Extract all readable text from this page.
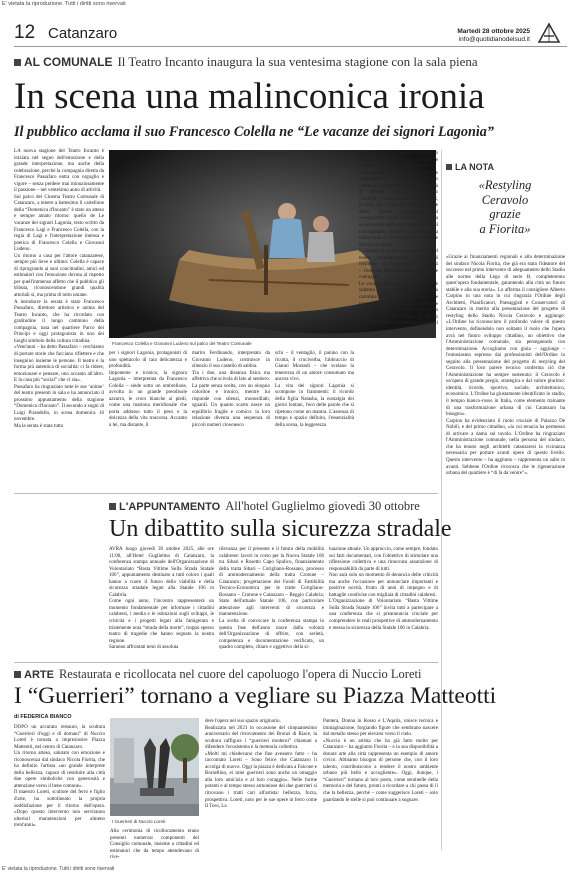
E' vietata la riproduzione. Tutti i diritti sono riservati
12 Catanzaro	Martedì 28 ottobre 2025
info@quotidianodelsud.it
AL COMUNALE Il Teatro Incanto inaugura la sua ventesima stagione con la sala piena
In scena una malinconica ironia
Il pubblico acclama il suo Francesco Colella ne “Le vacanze dei signori Lagonìa”
LA nuova stagione del Teatro Incanto è iniziata nel segno dell'emozione e della grande interpretazione, ma anche della celebrazione, perché la compagnia diretta da Francesco Passafaro entra con orgoglio e vigore – senza perdere mai minuziosamente il passione – nel ventesimo anno di attività.
Sul palco del Cinema Teatro Comunale di Catanzaro, a tenere a battesimo il cartellone della “Domenica d'Incanto” è stato un atteso e sempre amato ritorno: quello de Le vacanze dei signori Lagonìa, testo scritto da Francesco Lagi e Francesco Colella, con la regia di Lagi e l'interpretazione intensa e poetica di Francesco Colella e Giovanni Ludeno.
Un ritorno a casa per l'attore catanzarese, sempre più lieve e ultimo: Colella è capace di riprogrando ai suoi concittadini, amici ed estimatori con l'emozione dovuta al rispetto per quell'immenso affetto che il pubblico gli tributa, riconoscendone grandi qualità attoriali sì, ma prima di tutto umane.
A introdurre la serata è stato Francesco Passafaro, direttore artistico e anima del Teatro Incanto, che ha ricordato con gratitudine il lungo cammino della compagnia, nata nel quartiere Parco dei Principi e oggi protagonista in uno dei luoghi simbolo della cultura cittadina.
«Vent'anni – ha detto Passafaro – cerchiamo di portare storie che facciano riflettere e che insegnino insieme le persone. Il teatro è la forma più autentica di socialità: ci fa ridere, emozionare e pensare, uno accanto all'altro. E la casa più “social” che ci sia».
Passafaro ha ringraziato tutte le sue ‘anime’ del teatro presenti in sala e ha annunciato il prossimo appuntamento della stagione “Domenica d'Incanto”. Il secondo a sogni di Luigi Pirandello, in scena domenica 16 novembre.
Ma la serata è stata tutta
Francesco Colella e Giovanni Ludeno sul palco del Teatro Comunale
per i signori Lagonìa, protagonisti di uno spettacolo di rara delicatezza e profondità.
Imponente e ironico, la signora Lagonìa – interpretata da Francesco Colella – siede sotto un ombrellone, avvolta in un grande prendisole azzurro, le crocs bianche ai piedi, come una matrona meridionale che porta addosso tutto il peso e la dolcezza della vita trascorsa. Accanto a lei, ma distante, il
marito Ferdinando, interpretato da Giovanni Ludeno, costruisce in silenzio il suo castello di sabbia.
Tra i due, una distanza fisica ma affettiva che scivola di lato al sentiero. La parte senza scelta, con un oloquio coloritoe e ironico, mentre lui risponde con silenzi, monosillabi, sguardi. Un quanto scarto nasce un equilibrio fragile e comico: la loro relazione diventa una sequenza di piccoli numeri clownesco
schi – il ventaglio, il panino con la ricotta, il cruciverba, l'abbraccio di Gianni Morandi – che svelano la tenerezza di un amore consumato ma ancora vivo.
La vita dei signori Lagonìa si scompone in frammenti: il ricordo della figlia Natasha, la nostalgia dei giorni lontani, l'eco delle parole che si ripetono come un mantra. L'assenza di tempo e spazio definito, l'essenzialità della scena, la leggerezza
za dei gesti e dei silenzi rendono lo spettacolo sospeso tra poesia e realismo, tra ironia e struggimento.
L'interpretazione di Colella è intensa e trasformativa: con il suo corpo restituisce la femminilità e la fragilità di Marisa Lagonìa, alternando comicità e commozione. Ludeno – si, proprio lui, l'ispettore Antonio Forte della fiction incentrata sul vicequestore Lolita Lobosco – con la sua presenza muta ma vigorosa, ne è il contrappunto perfetto, incarnando la malinconia di chi ha smesso di parlare ma non di amare.
Il risultato è un piccolo capolavoro del teatro contemporaneo, capace di restituire – con leggerezza e profondità – l'essenza dell'esistenza e dell'amore coniugale.
Le vacanze dei signori Lagonìa non è soltanto uno spettacolo, ma una cartolina malinconica e poetica che resta nella memoria dello spettatore come il ricordo di un'estate lontana, un sorriso inquilio del tempo, un ultimo sguardo condiviso prima di prendere il largo.
LA NOTA
«Restyling
Ceravolo
grazie
a Fiorita»
«Grazie ai finanziamenti regionali e alla determinazione del sindaco Nicola Fiorita, che già era stata l'ideatore del successo nel primo intervento di adeguamento dello Stadio alle norme della Lega di serie B, completeremo quest'opera fondamentale, garantendo alla città un futuro stabile e alla sua storia». Lo afferma il consigliere Alberto Carpino in una nota in cui ringrazia l'Ordine degli Architetti, Pianificatori, Paesaggisti e Conservatori di Catanzaro in merito alla presentazione del progetto di restyling dello Stadio Nicola Ceravolo e aggiunge: «L'Ordine ha riconosciuto il profondo valore di questo intervento, definendolo non soltanto il ruolo che l'opera avrà nel futuro sviluppo cittadino, un obiettivo che l'Amministrazione comunale, sta perseguendo con determinazione. Accogliamo con gioia – aggiunge – l'entusiasmo espresso dai professionisti dell'Ordine in seguito alla presentazione del progetto di restyling del Ceravolo. Il loro parere tecnico conferma ciò che l'Amministrazione ha sempre sostenuto: il Ceravolo è un'opera di grande pregio, strategica e dal valore plurimo: identità, ricordo, sportivo, sociale, architettonico, economico. L'Ordine ha giustamente identificato lo stadio, il tempio bianco-rosso in Italia, come elemento trainante di una trasformazione urbana di cui Catanzaro ha bisogno».
Carpino ha evidenziato il ruolo cruciale di Palazzo De Nobili, e del primo cittadino, «la cui tenacia ha permesso di arrivare a dama sul tavolo. L'Ordine ha ringraziato l'Amministrazione comunale, nella persona del sindaco, che ha tenuto negli architetti catanzaresi la vicinanza necessaria per portare avanti opere di questo livello. Questo intervento – ha aggiunto – rappresenta un salto in avanti. Sebbene l'Ordine ricorosca che le rigenerazione urbana del quartiere è “di là da venire”».
L'APPUNTAMENTO All'hotel Guglielmo giovedì 30 ottobre
Un dibattito sulla sicurezza stradale
AVRÀ luogo giovedì 30 ottobre 2025, alle ore 11:00, all'Hotel Guglielmo di Catanzaro, la conferenza stampa annuale dell'Organizzazione di Volontariato “Basta Vittime Sulla Strada Statale 106”, appuntamento destinato a tutti coloro i quali hanno a cuore il futuro della viabilità e della sicurezza stradale legati alla Statale 106 in Calabria.
Come ogni anno, l'incontro rappresenterà un momento fondamentale per informare i cittadini calabresi, i media e le istituzioni sugli sviluppi, le criticità e i progetti legati alla famigerata e tristemente nota “strada della morte”, troppo spesso teatro di tragedie che hanno segnato la nostra regione.
Saranno affrontati temi di assoluta
rilevanza per il presente e il futuro della mobilità calabrese: lavori in corso per la Nuova Statale 106 tra Sibari e Rosetto Capo Spulico, finanziamento della tratta Sibari – Corigliano-Rossano, processo di ammodernamento della tratta Crotone – Catanzaro; progettazione dei Fondi di Fattibilità Tecnico-Economica per le tratte Corigliano-Rossano – Crotone e Catanzaro – Reggio Calabria; Stato dell'attuale Statale 106, con particolare attenzione agli interventi di sicurezza e manutenzione.
La scelta di convocare la conferenza stampa in questa fase dell'anno nasce dalla volontà dell'Organizzazione di offrire, con serietà, competenza e documentazione verificata, un quadro completo, chiaro e oggettivo della si-
tuazione attuale. Un approccio, come sempre, fondato sui fatti documentati, con l'obiettivo di stimolare una riflessione collettiva e una rinnovata assunzione di responsabilità da parte di tutti.
Non sarà solo un momento di denuncia delle criticità ma anche l'occasione per annunciare importanti e positive novità, frutto di anni di impegno e di battaglie condivise con migliaia di cittadini calabresi.
L'Organizzazione di Volontariato “Basta Vittime Sulla Strada Statale 106” invita tutti a partecipare a una conferenza che si preannuncia cruciale per comprendere le reali prospettive di ammodernamento e messa in sicurezza della Statale 106 in Calabria.
ARTE Restaurata e ricollocata nel cuore del capoluogo l'opera di Nuccio Loreti
I “Guerrieri” tornano a vegliare su Piazza Matteotti
di FEDERICA BIANCO
DOPO un accurato restauro, la scultura “Guerrieri d'oggi e di domani” di Nuccio Loreti è tornata a impreziosire Piazza Matteotti, nel centro di Catanzaro.
Un ritorno atteso, salutato con emozione e riconoscenza dal sindaco Nicola Fiorita, che ha definito l'artista «un grande interprete della bellezza, capace di restituire alla città due opere simboliche con generosità e attenzione verso il bene comune».
Il maestro Loreti, scultore del ferro e figlio d'arte, ha sottolineato la propria soddisfazione per il ritorno dell'opera. «Dopo questo intervento non serviranno ulteriori manutenzioni per almeno trent'anni».
I Guerrieri di Nuccio Loreti
Alla cerimonia di ricollocamento erano presenti numerosi componenti del Consiglio comunale, insieme a cittadini ed estimatori che da tempo attendevano di rive-
dere l'opera nel suo spazio originario.
Realizzata nel 2021 in occasione del cinquantesimo anniversario del ritrovamento dei Bronzi di Riace, la scultura raffigura i “guerrieri moderni” chiamati a difendere l'ecosistema e la memoria collettiva.
«Molti mi chiedevano che fine avessero fatto – ha raccontato Loreti – Sono felice che Catanzaro li accolga di nuovo. Oggi la piazza è dedicata a Falcone e Borsellino, ei miei guerrieri sono anche un omaggio alla loro amicizia e al loro coraggio». Nelle forme potenti e al tempo stesso armoniose dei due guerrieri si ritrovano i tratti cari all'artista: bellezza, forza, prospettiva. Loreti, noto per le sue opere in ferro come Il Toro, La
Pantera, Donna in Rosso e L'Aquila, unisce tecnica e immaginazione, forgiando figure che sembrano nascere dal metallo stesso per elevarsi verso il cielo.
«Nuccio è un artista che ha già fatto molto per Catanzaro – ha aggiunto Fiorita – e la sua disponibilità a donare arte alla città rappresenta un esempio di amore civico. Abbiamo bisogno di persone che, con il loro talento, contribuiscono a rendere il nostro ambiente urbano più bello e accogliente». Oggi, dunque, i “Guerrieri” tornano al loro posto, come sentinelle della memoria e del futuro, pronti a ricordare a chi passa di lì che la bellezza, perché – come suggerisce Loreti – solo guardando le stelle si può continuare a sognare.
E' vietata la riproduzione. Tutti i diritti sono riservati
